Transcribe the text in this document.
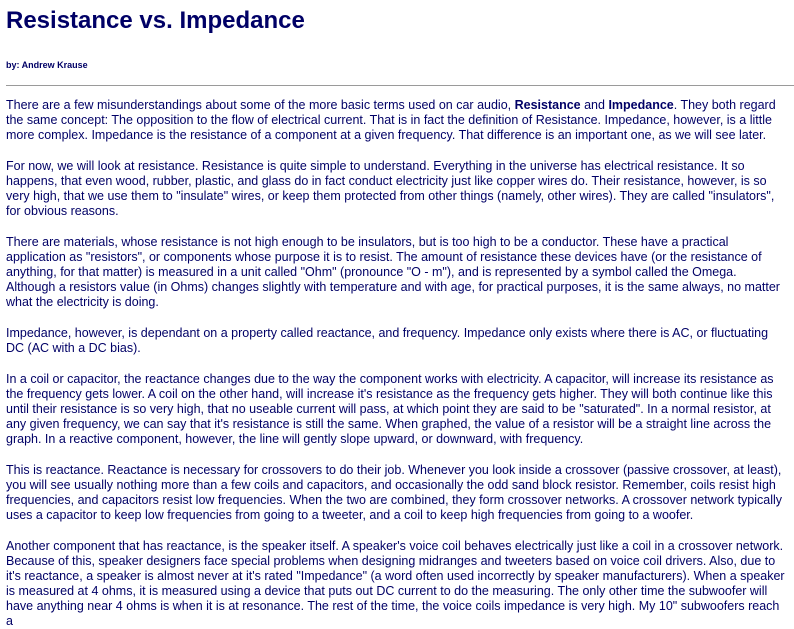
Resistance vs. Impedance
by: Andrew Krause

There are a few misunderstandings about some of the more basic terms used on car audio, Resistance and Impedance. They both regard the same concept: The opposition to the flow of electrical current. That is in fact the definition of Resistance. Impedance, however, is a little more complex. Impedance is the resistance of a component at a given frequency. That difference is an important one, as we will see later.

For now, we will look at resistance. Resistance is quite simple to understand. Everything in the universe has electrical resistance. It so happens, that even wood, rubber, plastic, and glass do in fact conduct electricity just like copper wires do. Their resistance, however, is so very high, that we use them to "insulate" wires, or keep them protected from other things (namely, other wires). They are called "insulators", for obvious reasons.

There are materials, whose resistance is not high enough to be insulators, but is too high to be a conductor. These have a practical application as "resistors", or components whose purpose it is to resist. The amount of resistance these devices have (or the resistance of anything, for that matter) is measured in a unit called "Ohm" (pronounce "O - m"), and is represented by a symbol called the Omega. Although a resistors value (in Ohms) changes slightly with temperature and with age, for practical purposes, it is the same always, no matter what the electricity is doing.

Impedance, however, is dependant on a property called reactance, and frequency. Impedance only exists where there is AC, or fluctuating DC (AC with a DC bias).

In a coil or capacitor, the reactance changes due to the way the component works with electricity. A capacitor, will increase its resistance as the frequency gets lower. A coil on the other hand, will increase it's resistance as the frequency gets higher. They will both continue like this until their resistance is so very high, that no useable current will pass, at which point they are said to be "saturated". In a normal resistor, at any given frequency, we can say that it's resistance is still the same. When graphed, the value of a resistor will be a straight line across the graph. In a reactive component, however, the line will gently slope upward, or downward, with frequency.

This is reactance. Reactance is necessary for crossovers to do their job. Whenever you look inside a crossover (passive crossover, at least), you will see usually nothing more than a few coils and capacitors, and occasionally the odd sand block resistor. Remember, coils resist high frequencies, and capacitors resist low frequencies. When the two are combined, they form crossover networks. A crossover network typically uses a capacitor to keep low frequencies from going to a tweeter, and a coil to keep high frequencies from going to a woofer.

Another component that has reactance, is the speaker itself. A speaker's voice coil behaves electrically just like a coil in a crossover network. Because of this, speaker designers face special problems when designing midranges and tweeters based on voice coil drivers. Also, due to it's reactance, a speaker is almost never at it's rated "Impedance" (a word often used incorrectly by speaker manufacturers). When a speaker is measured at 4 ohms, it is measured using a device that puts out DC current to do the measuring. The only other time the subwoofer will have anything near 4 ohms is when it is at resonance. The rest of the time, the voice coils impedance is very high. My 10" subwoofers reach a
